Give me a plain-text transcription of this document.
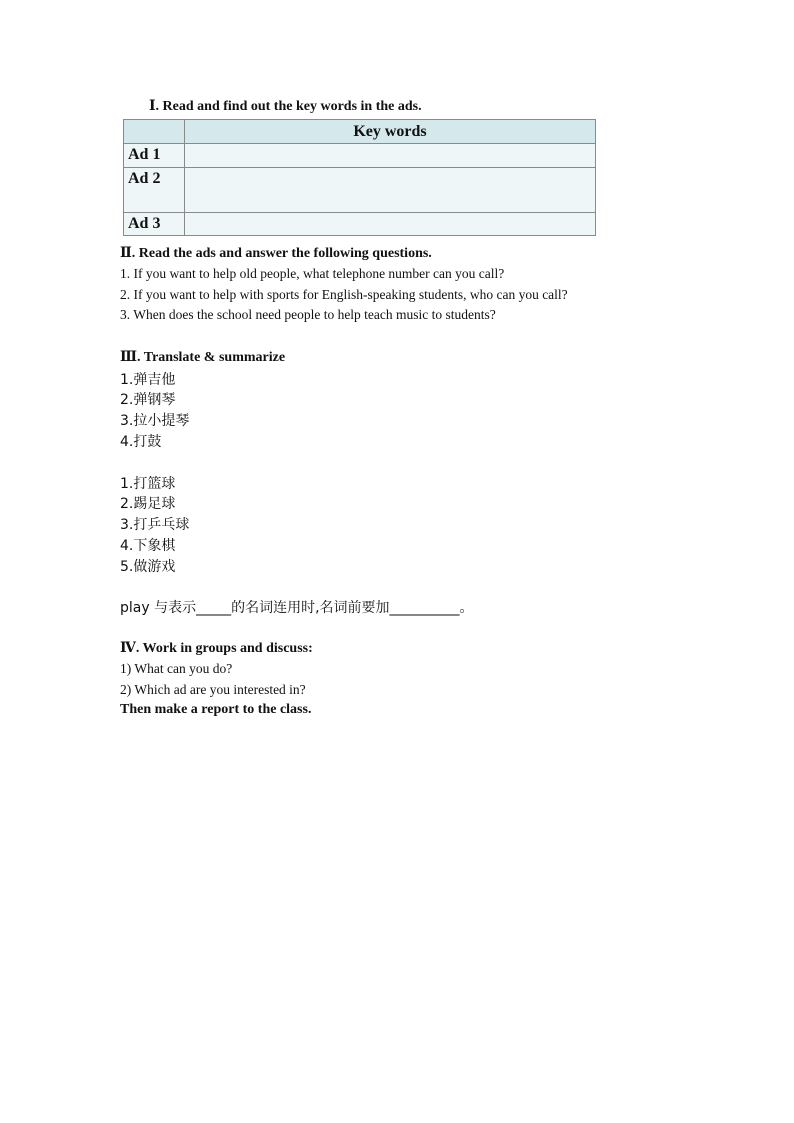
Ⅰ. Read and find out the key words in the ads.
	Key words
Ad 1	
Ad 2	
Ad 3	
Ⅱ. Read the ads and answer the following questions.
1. If you want to help old people, what telephone number can you call?
2. If you want to help with sports for English-speaking students, who can you call?
3. When does the school need people to help teach music to students?
Ⅲ. Translate & summarize
1.弹吉他
2.弹钢琴
3.拉小提琴
4.打鼓
1.打篮球
2.踢足球
3.打乒乓球
4.下象棋
5.做游戏
play 与表示_____的名词连用时,名词前要加__________。
Ⅳ. Work in groups and discuss:
1) What can you do?
2) Which ad are you interested in?
Then make a report to the class.
